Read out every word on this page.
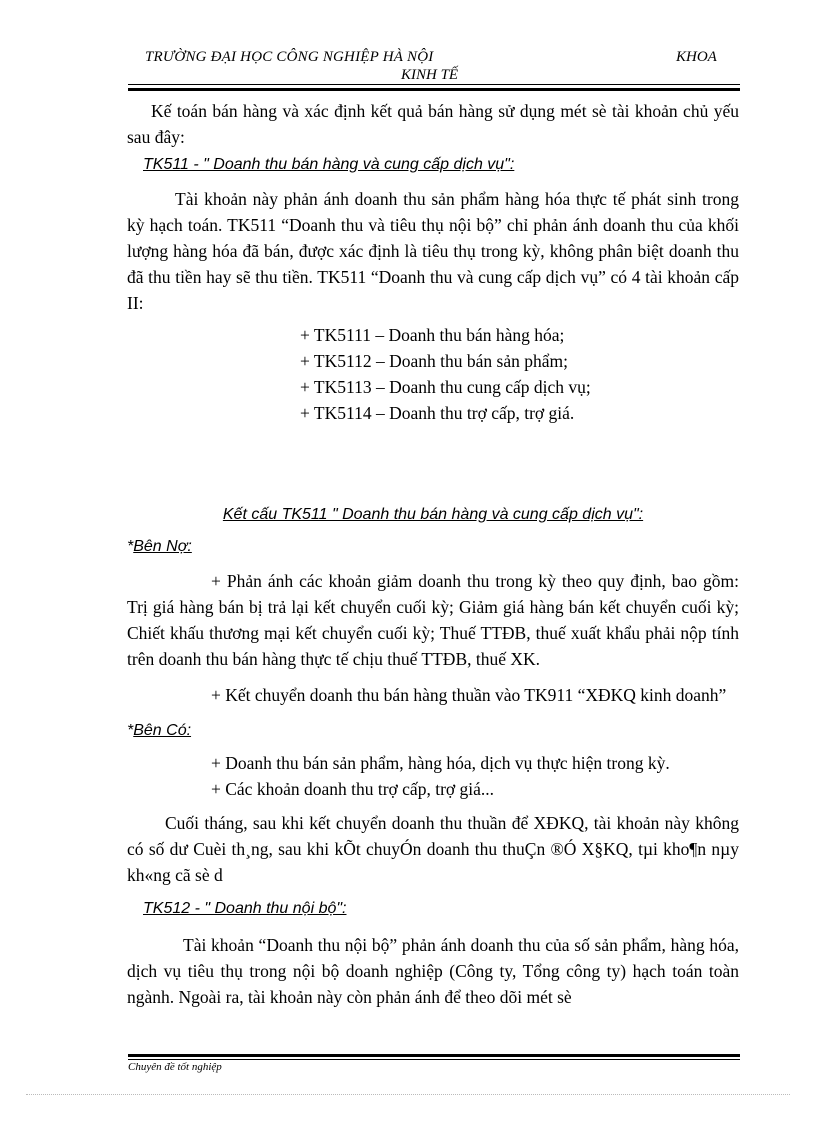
TRƯỜNG ĐẠI HỌC CÔNG NGHIỆP HÀ NỘI	KHOA
KINH TẾ

Kế toán bán hàng và xác định kết quả bán hàng sử dụng mét sè tài khoản chủ yếu sau đây:

TK511 - " Doanh thu bán hàng và cung cấp dịch vụ":

Tài khoản này phản ánh doanh thu sản phẩm hàng hóa thực tế phát sinh trong kỳ hạch toán. TK511 “Doanh thu và tiêu thụ nội bộ” chỉ phản ánh doanh thu của khối lượng hàng hóa đã bán, được xác định là tiêu thụ trong kỳ, không phân biệt doanh thu đã thu tiền hay sẽ thu tiền. TK511 “Doanh thu và cung cấp dịch vụ” có 4 tài khoản cấp II:

+ TK5111 – Doanh thu bán hàng hóa;

+ TK5112 – Doanh thu bán sản phẩm;

+ TK5113 – Doanh thu cung cấp dịch vụ;

+ TK5114 – Doanh thu trợ cấp, trợ giá.

Kết cấu TK511 " Doanh thu bán hàng và cung cấp dịch vụ":

*Bên Nợ:

+ Phản ánh các khoản giảm doanh thu trong kỳ theo quy định, bao gồm: Trị giá hàng bán bị trả lại kết chuyển cuối kỳ; Giảm giá hàng bán kết chuyển cuối kỳ; Chiết khấu thương mại kết chuyển cuối kỳ; Thuế TTĐB, thuế xuất khẩu phải nộp tính trên doanh thu bán hàng thực tế chịu thuế TTĐB, thuế XK.

+ Kết chuyển doanh thu bán hàng thuần vào TK911 “XĐKQ kinh doanh”

*Bên Có:

+ Doanh thu bán sản phẩm, hàng hóa, dịch vụ thực hiện trong kỳ.

+ Các khoản doanh thu trợ cấp, trợ giá...

Cuối tháng, sau khi kết chuyển doanh thu thuần để XĐKQ, tài khoản này không có số dư Cuèi th¸ng, sau khi kÕt chuyÓn doanh thu thuÇn ®Ó X§KQ, tµi kho¶n nµy kh«ng cã sè d

TK512 - " Doanh thu nội bộ":

Tài khoản “Doanh thu nội bộ” phản ánh doanh thu của số sản phẩm, hàng hóa, dịch vụ tiêu thụ trong nội bộ doanh nghiệp (Công ty, Tổng công ty) hạch toán toàn ngành. Ngoài ra, tài khoản này còn phản ánh để theo dõi mét sè

Chuyên đề tốt nghiệp
